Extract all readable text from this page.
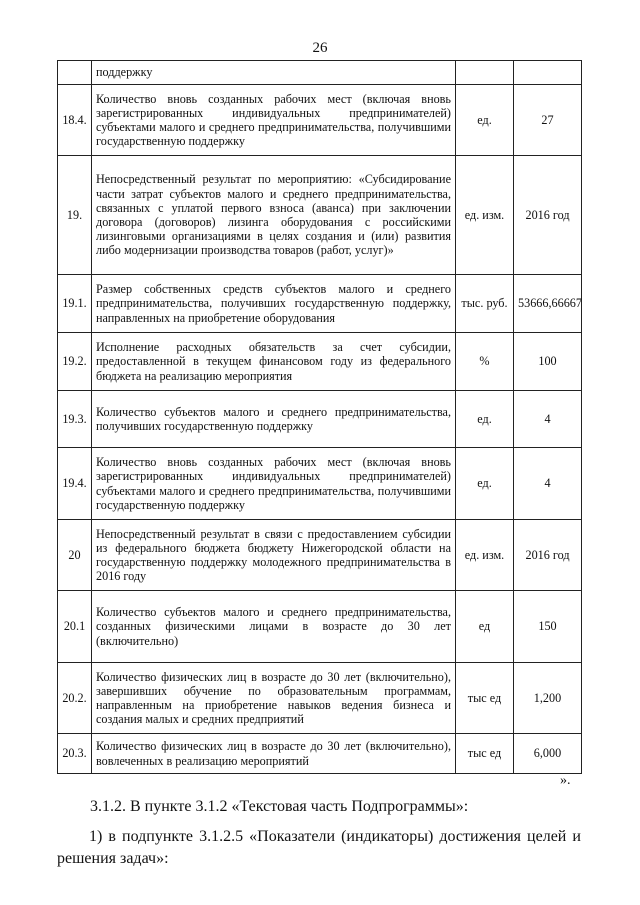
26
	поддержку		
18.4.	Количество вновь созданных рабочих мест (включая вновь зарегистрированных индивидуальных предпринимателей) субъектами малого и среднего предпринимательства, получившими государственную поддержку	ед.	27
19.	Непосредственный результат по мероприятию: «Субсидирование части затрат субъектов малого и среднего предпринимательства, связанных с уплатой первого взноса (аванса) при заключении договора (договоров) лизинга оборудования с российскими лизинговыми организациями в целях создания и (или) развития либо модернизации производства товаров (работ, услуг)»	ед. изм.	2016 год
19.1.	Размер собственных средств субъектов малого и среднего предпринимательства, получивших государственную поддержку, направленных на приобретение оборудования	тыс. руб.	53666,66667
19.2.	Исполнение расходных обязательств за счет субсидии, предоставленной в текущем финансовом году из федерального бюджета на реализацию мероприятия	%	100
19.3.	Количество субъектов малого и среднего предпринимательства, получивших государственную поддержку	ед.	4
19.4.	Количество вновь созданных рабочих мест (включая вновь зарегистрированных индивидуальных предпринимателей) субъектами малого и среднего предпринимательства, получившими государственную поддержку	ед.	4
20	Непосредственный результат в связи с предоставлением субсидии из федерального бюджета бюджету Нижегородской области на государственную поддержку молодежного предпринимательства в 2016 году	ед. изм.	2016 год
20.1	Количество субъектов малого и среднего предпринимательства, созданных физическими лицами в возрасте до 30 лет (включительно)	ед	150
20.2.	Количество физических лиц в возрасте до 30 лет (включительно), завершивших обучение по образовательным программам, направленным на приобретение навыков ведения бизнеса и создания малых и средних предприятий	тыс ед	1,200
20.3.	Количество физических лиц в возрасте до 30 лет (включительно), вовлеченных в реализацию мероприятий	тыс ед	6,000
».
3.1.2. В пункте 3.1.2 «Текстовая часть Подпрограммы»:
1) в подпункте 3.1.2.5 «Показатели (индикаторы) достижения целей и
решения задач»:
